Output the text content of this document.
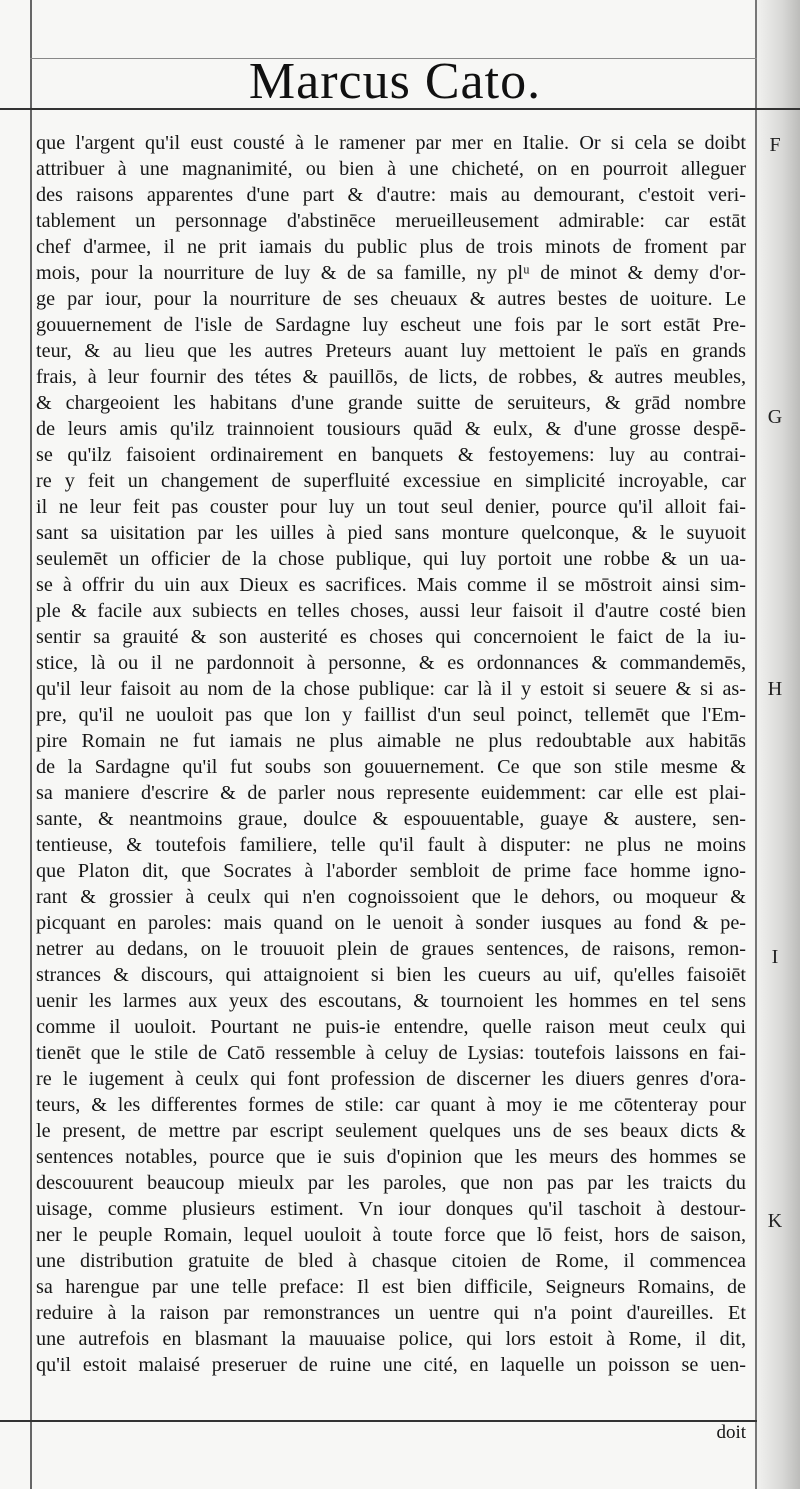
Marcus Cato.
que l'argent qu'il eust cousté à le ramener par mer en Italie. Or si cela se doibt
attribuer à une magnanimité, ou bien à une chicheté, on en pourroit alleguer
des raisons apparentes d'une part & d'autre: mais au demourant, c'estoit veri-
tablement un personnage d'abstinēce merueilleusement admirable: car estāt
chef d'armee, il ne prit iamais du public plus de trois minots de froment par
mois, pour la nourriture de luy & de sa famille, ny plᵘ de minot & demy d'or-
ge par iour, pour la nourriture de ses cheuaux & autres bestes de uoiture. Le
gouuernement de l'isle de Sardagne luy escheut une fois par le sort estāt Pre-
teur, & au lieu que les autres Preteurs auant luy mettoient le païs en grands
frais, à leur fournir des tétes & pauillōs, de licts, de robbes, & autres meubles,
& chargeoient les habitans d'une grande suitte de seruiteurs, & grād nombre
de leurs amis qu'ilz trainnoient tousiours quād & eulx, & d'une grosse despē-
se qu'ilz faisoient ordinairement en banquets & festoyemens: luy au contrai-
re y feit un changement de superfluité excessiue en simplicité incroyable, car
il ne leur feit pas couster pour luy un tout seul denier, pource qu'il alloit fai-
sant sa uisitation par les uilles à pied sans monture quelconque, & le suyuoit
seulemēt un officier de la chose publique, qui luy portoit une robbe & un ua-
se à offrir du uin aux Dieux es sacrifices. Mais comme il se mōstroit ainsi sim-
ple & facile aux subiects en telles choses, aussi leur faisoit il d'autre costé bien
sentir sa grauité & son austerité es choses qui concernoient le faict de la iu-
stice, là ou il ne pardonnoit à personne, & es ordonnances & commandemēs,
qu'il leur faisoit au nom de la chose publique: car là il y estoit si seuere & si as-
pre, qu'il ne uouloit pas que lon y faillist d'un seul poinct, tellemēt que l'Em-
pire Romain ne fut iamais ne plus aimable ne plus redoubtable aux habitās
de la Sardagne qu'il fut soubs son gouuernement. Ce que son stile mesme &
sa maniere d'escrire & de parler nous represente euidemment: car elle est plai-
sante, & neantmoins graue, doulce & espouuentable, guaye & austere, sen-
tentieuse, & toutefois familiere, telle qu'il fault à disputer: ne plus ne moins
que Platon dit, que Socrates à l'aborder sembloit de prime face homme igno-
rant & grossier à ceulx qui n'en cognoissoient que le dehors, ou moqueur &
picquant en paroles: mais quand on le uenoit à sonder iusques au fond & pe-
netrer au dedans, on le trouuoit plein de graues sentences, de raisons, remon-
strances & discours, qui attaignoient si bien les cueurs au uif, qu'elles faisoiēt
uenir les larmes aux yeux des escoutans, & tournoient les hommes en tel sens
comme il uouloit. Pourtant ne puis-ie entendre, quelle raison meut ceulx qui
tienēt que le stile de Catō ressemble à celuy de Lysias: toutefois laissons en fai-
re le iugement à ceulx qui font profession de discerner les diuers genres d'ora-
teurs, & les differentes formes de stile: car quant à moy ie me cōtenteray pour
le present, de mettre par escript seulement quelques uns de ses beaux dicts &
sentences notables, pource que ie suis d'opinion que les meurs des hommes se
descouurent beaucoup mieulx par les paroles, que non pas par les traicts du
uisage, comme plusieurs estiment. Vn iour donques qu'il taschoit à destour-
ner le peuple Romain, lequel uouloit à toute force que lō feist, hors de saison,
une distribution gratuite de bled à chasque citoien de Rome, il commencea
sa harengue par une telle preface: Il est bien difficile, Seigneurs Romains, de
reduire à la raison par remonstrances un uentre qui n'a point d'aureilles. Et
une autrefois en blasmant la mauuaise police, qui lors estoit à Rome, il dit,
qu'il estoit malaisé preseruer de ruine une cité, en laquelle un poisson se uen-
F
G
H
I
K
doit
